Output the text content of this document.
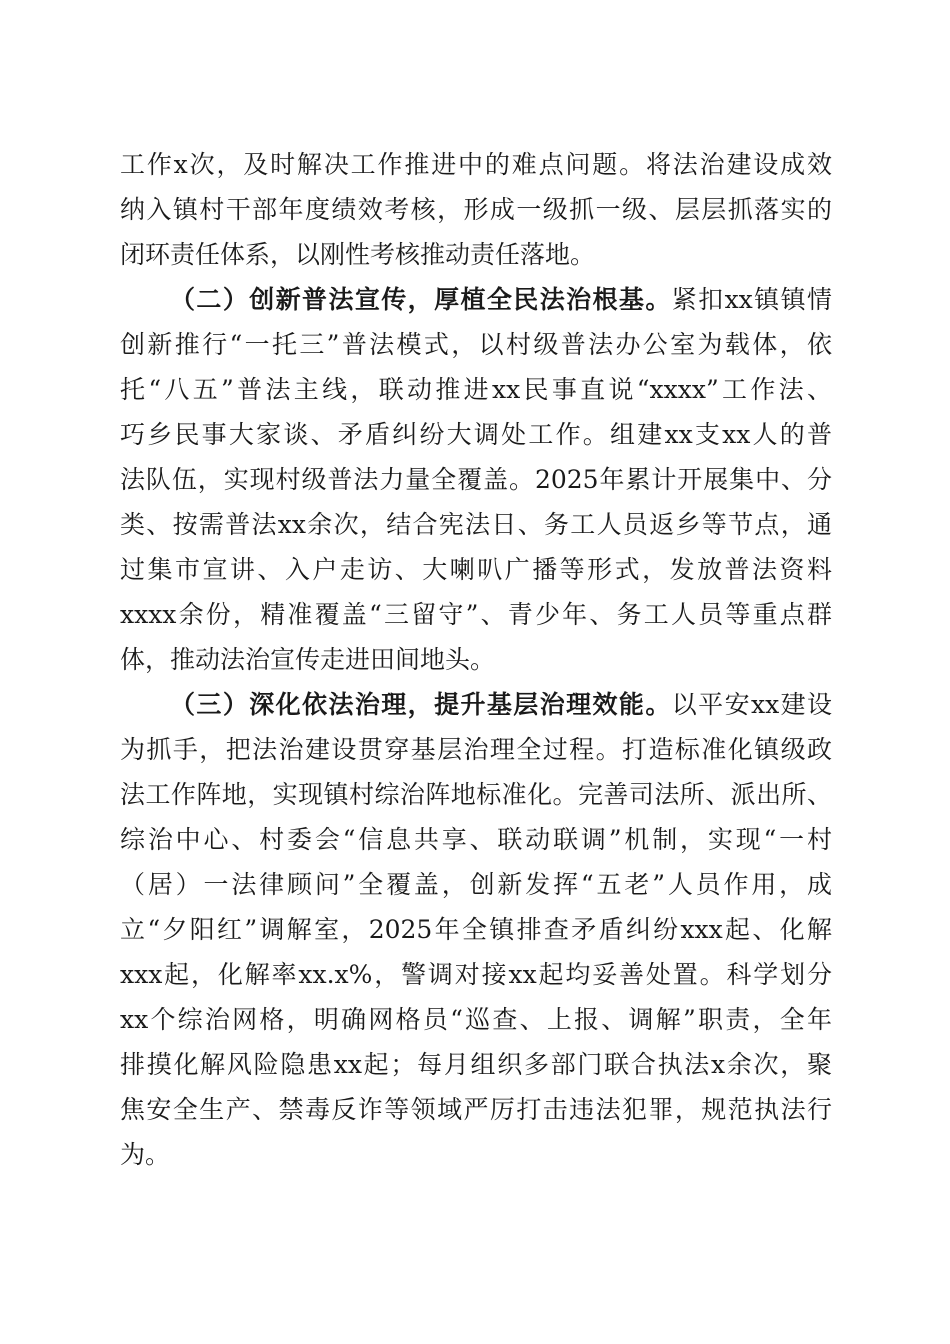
工作x次，及时解决工作推进中的难点问题。将法治建设成效
纳入镇村干部年度绩效考核，形成一级抓一级、层层抓落实的
闭环责任体系，以刚性考核推动责任落地。
（二）创新普法宣传，厚植全民法治根基。紧扣xx镇镇情
创新推行“一托三”普法模式，以村级普法办公室为载体，依
托“八五”普法主线，联动推进xx民事直说“xxxx”工作法、
巧乡民事大家谈、矛盾纠纷大调处工作。组建xx支xx人的普
法队伍，实现村级普法力量全覆盖。2025年累计开展集中、分
类、按需普法xx余次，结合宪法日、务工人员返乡等节点，通
过集市宣讲、入户走访、大喇叭广播等形式，发放普法资料
xxxx余份，精准覆盖“三留守”、青少年、务工人员等重点群
体，推动法治宣传走进田间地头。
（三）深化依法治理，提升基层治理效能。以平安xx建设
为抓手，把法治建设贯穿基层治理全过程。打造标准化镇级政
法工作阵地，实现镇村综治阵地标准化。完善司法所、派出所、
综治中心、村委会“信息共享、联动联调”机制，实现“一村
（居）一法律顾问”全覆盖，创新发挥“五老”人员作用，成
立“夕阳红”调解室，2025年全镇排查矛盾纠纷xxx起、化解
xxx起，化解率xx.x%，警调对接xx起均妥善处置。科学划分
xx个综治网格，明确网格员“巡查、上报、调解”职责，全年
排摸化解风险隐患xx起；每月组织多部门联合执法x余次，聚
焦安全生产、禁毒反诈等领域严厉打击违法犯罪，规范执法行
为。
